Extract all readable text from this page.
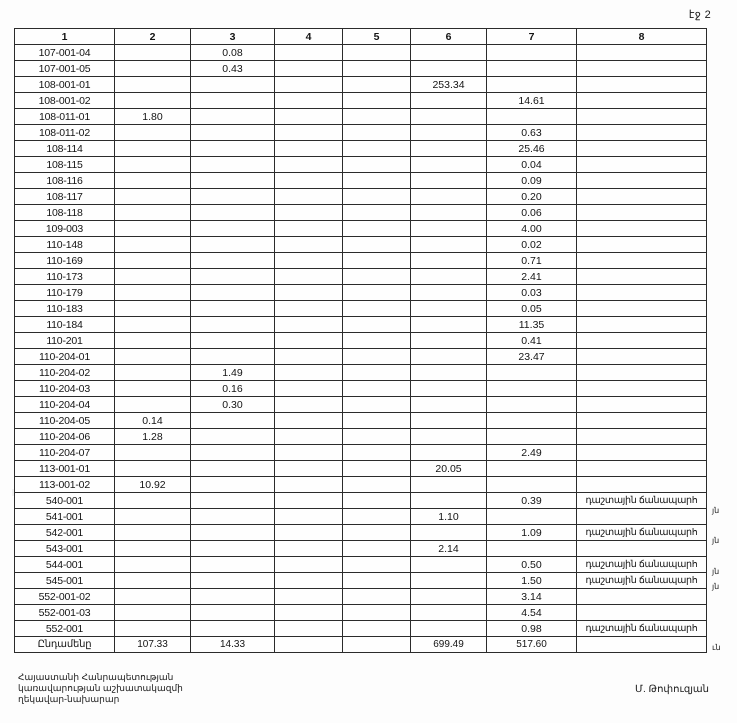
էջ 2
1	2	3	4	5	6	7	8
107-001-04		0.08					
107-001-05		0.43					
108-001-01					253.34		
108-001-02						14.61	
108-011-01	1.80						
108-011-02						0.63	
108-114						25.46	
108-115						0.04	
108-116						0.09	
108-117						0.20	
108-118						0.06	
109-003						4.00	
110-148						0.02	
110-169						0.71	
110-173						2.41	
110-179						0.03	
110-183						0.05	
110-184						11.35	
110-201						0.41	
110-204-01						23.47	
110-204-02		1.49					
110-204-03		0.16					
110-204-04		0.30					
110-204-05	0.14						
110-204-06	1.28						
110-204-07						2.49	
113-001-01					20.05		
113-001-02	10.92						
540-001						0.39	դաշտային ճանապարհ
541-001					1.10		
542-001						1.09	դաշտային ճանապարհ
543-001					2.14		
544-001						0.50	դաշտային ճանապարհ
545-001						1.50	դաշտային ճանապարհ
552-001-02						3.14	
552-001-03						4.54	
552-001						0.98	դաշտային ճանապարհ
Ընդամենը	107.33	14.33			699.49	517.60	
յն
յն
յն
յն
ւն
Հայաստանի Հանրապետության
կառավարության աշխատակազմի
ղեկավար-նախարար
Մ. Թոփուզյան
